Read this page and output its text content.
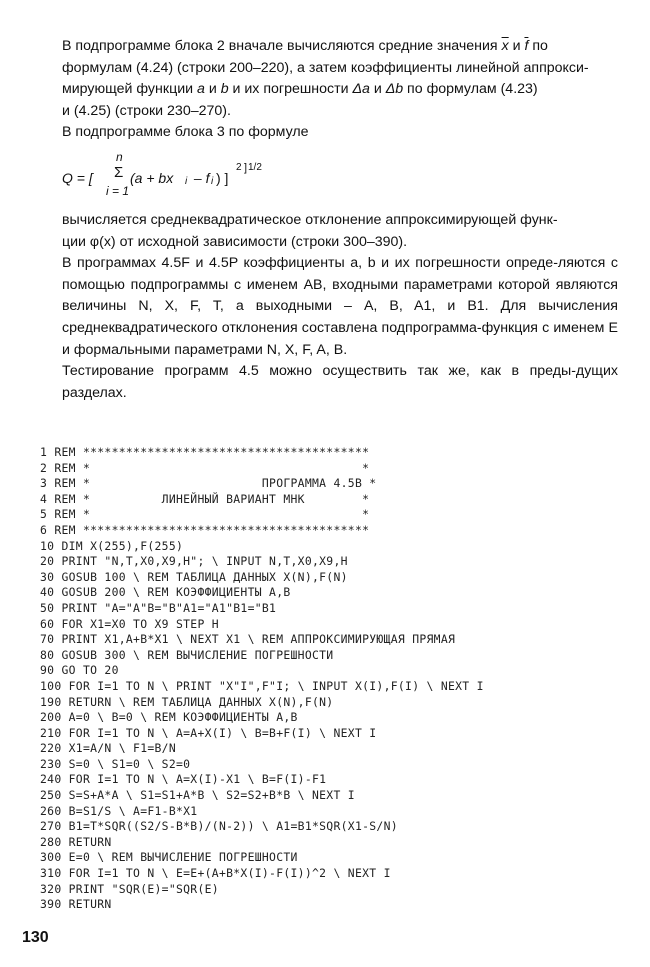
В подпрограмме блока 2 вначале вычисляются средние значения $\overline{x}$ и $\overline{f}$ по

формулам (4.24) (строки 200–220), а затем коэффициенты линейной аппрокси-

мирующей функции a и b и их погрешности Δa и Δb по формулам (4.23)

и (4.25) (строки 230–270).

В подпрограмме блока 3 по формуле

n
Q = [ Σ
i = 1
(a + bx i – f i ) ]
2 ] 1/2

вычисляется среднеквадратическое отклонение аппроксимирующей функ-

ции φ(x) от исходной зависимости (строки 300–390).

В программах 4.5F и 4.5P коэффициенты a, b и их погрешности опреде-ляются с помощью подпрограммы с именем AB, входными параметрами которой являются величины N, X, F, T, а выходными – A, B, A1, и B1. Для вычисления среднеквадратического отклонения составлена подпрограмма-функция с именем E и формальными параметрами N, X, F, A, B.

Тестирование программ 4.5 можно осуществить так же, как в преды-дущих разделах.

1 REM ****************************************
2 REM *                                      *
3 REM *                        ПРОГРАММА 4.5B *
4 REM *          ЛИНЕЙНЫЙ ВАРИАНТ МНК        *
5 REM *                                      *
6 REM ****************************************
10 DIM X(255),F(255)
20 PRINT "N,T,X0,X9,H"; \ INPUT N,T,X0,X9,H
30 GOSUB 100 \ REM ТАБЛИЦА ДАННЫХ X(N),F(N)
40 GOSUB 200 \ REM КОЭФФИЦИЕНТЫ A,B
50 PRINT "A="A"B="B"A1="A1"B1="B1
60 FOR X1=X0 TO X9 STEP H
70 PRINT X1,A+B*X1 \ NEXT X1 \ REM АППРОКСИМИРУЮЩАЯ ПРЯМАЯ
80 GOSUB 300 \ REM ВЫЧИСЛЕНИЕ ПОГРЕШНОСТИ
90 GO TO 20
100 FOR I=1 TO N \ PRINT "X"I",F"I; \ INPUT X(I),F(I) \ NEXT I
190 RETURN \ REM ТАБЛИЦА ДАННЫХ X(N),F(N)
200 A=0 \ B=0 \ REM КОЭФФИЦИЕНТЫ A,B
210 FOR I=1 TO N \ A=A+X(I) \ B=B+F(I) \ NEXT I
220 X1=A/N \ F1=B/N
230 S=0 \ S1=0 \ S2=0
240 FOR I=1 TO N \ A=X(I)-X1 \ B=F(I)-F1
250 S=S+A*A \ S1=S1+A*B \ S2=S2+B*B \ NEXT I
260 B=S1/S \ A=F1-B*X1
270 B1=T*SQR((S2/S-B*B)/(N-2)) \ A1=B1*SQR(X1-S/N)
280 RETURN
300 E=0 \ REM ВЫЧИСЛЕНИЕ ПОГРЕШНОСТИ
310 FOR I=1 TO N \ E=E+(A+B*X(I)-F(I))^2 \ NEXT I
320 PRINT "SQR(E)="SQR(E)
390 RETURN
130
